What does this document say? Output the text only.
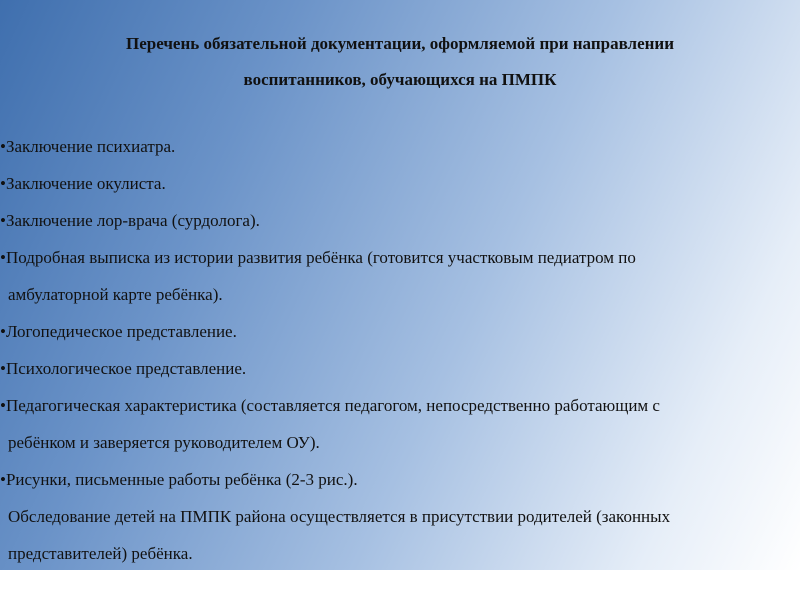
Перечень обязательной документации, оформляемой при направлении
воспитанников, обучающихся на ПМПК
•Заключение психиатра.
•Заключение окулиста.
•Заключение лор-врача (сурдолога).
•Подробная выписка из истории развития ребёнка (готовится участковым педиатром по
амбулаторной карте ребёнка).
•Логопедическое представление.
•Психологическое представление.
•Педагогическая характеристика (составляется педагогом, непосредственно работающим с
ребёнком и заверяется руководителем ОУ).
•Рисунки, письменные работы ребёнка (2-3 рис.).
Обследование детей на ПМПК района осуществляется в присутствии родителей (законных
представителей) ребёнка.
